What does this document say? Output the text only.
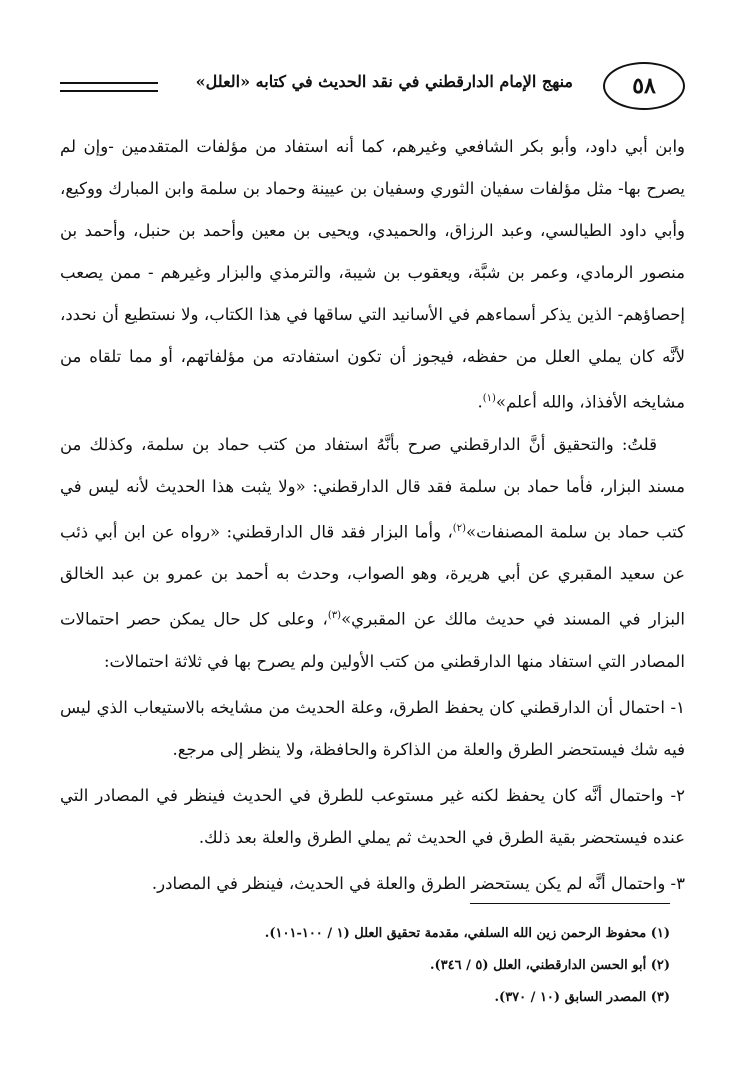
٥٨
منهج الإمام الدارقطني في نقد الحديث في كتابه «العلل»

وابن أبي داود، وأبو بكر الشافعي وغيرهم، كما أنه استفاد من مؤلفات المتقدمين -وإن لم يصرح بها- مثل مؤلفات سفيان الثوري وسفيان بن عيينة وحماد بن سلمة وابن المبارك ووكيع، وأبي داود الطيالسي، وعبد الرزاق، والحميدي، ويحيى بن معين وأحمد بن حنبل، وأحمد بن منصور الرمادي، وعمر بن شبَّة، ويعقوب بن شيبة، والترمذي والبزار وغيرهم - ممن يصعب إحصاؤهم- الذين يذكر أسماءهم في الأسانيد التي ساقها في هذا الكتاب، ولا نستطيع أن نحدد، لأنَّه كان يملي العلل من حفظه، فيجوز أن تكون استفادته من مؤلفاتهم، أو مما تلقاه من مشايخه الأفذاذ، والله أعلم»$^{(١)}$.

قلتُ: والتحقيق أنَّ الدارقطني صرح بأنَّهُ استفاد من كتب حماد بن سلمة، وكذلك من مسند البزار، فأما حماد بن سلمة فقد قال الدارقطني: «ولا يثبت هذا الحديث لأنه ليس في كتب حماد بن سلمة المصنفات»$^{(٢)}$، وأما البزار فقد قال الدارقطني: «رواه عن ابن أبي ذئب عن سعيد المقبري عن أبي هريرة، وهو الصواب، وحدث به أحمد بن عمرو بن عبد الخالق البزار في المسند في حديث مالك عن المقبري»$^{(٣)}$، وعلى كل حال يمكن حصر احتمالات المصادر التي استفاد منها الدارقطني من كتب الأولين ولم يصرح بها في ثلاثة احتمالات:

١- احتمال أن الدارقطني كان يحفظ الطرق، وعلة الحديث من مشايخه بالاستيعاب الذي ليس فيه شك فيستحضر الطرق والعلة من الذاكرة والحافظة، ولا ينظر إلى مرجع.

٢- واحتمال أنَّه كان يحفظ لكنه غير مستوعب للطرق في الحديث فينظر في المصادر التي عنده فيستحضر بقية الطرق في الحديث ثم يملي الطرق والعلة بعد ذلك.

٣- واحتمال أنَّه لم يكن يستحضر الطرق والعلة في الحديث، فينظر في المصادر.

(١) محفوظ الرحمن زين الله السلفي، مقدمة تحقيق العلل (١ / ١٠٠-١٠١).

(٢) أبو الحسن الدارقطني، العلل (٥ / ٣٤٦).

(٣) المصدر السابق (١٠ / ٣٧٠).
